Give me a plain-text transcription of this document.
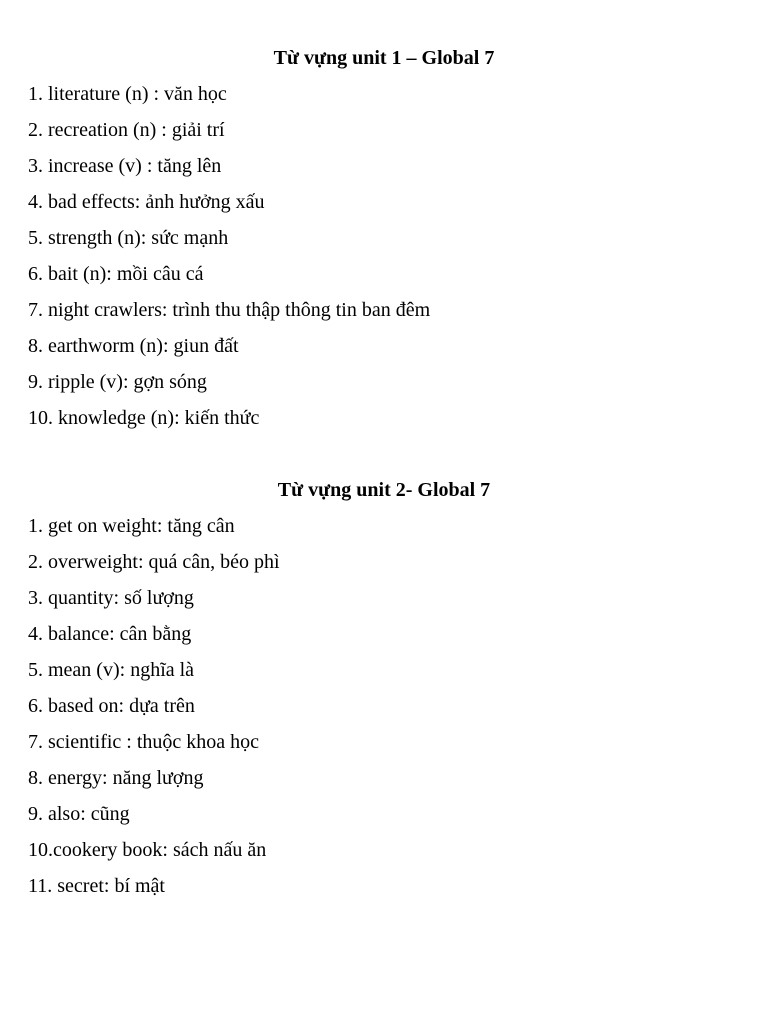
Từ vựng unit 1 – Global 7
1. literature (n) : văn học
2. recreation (n) : giải trí
3. increase (v) : tăng lên
4. bad effects: ảnh hưởng xấu
5. strength (n): sức mạnh
6. bait (n): mồi câu cá
7. night crawlers: trình thu thập thông tin ban đêm
8. earthworm (n): giun đất
9. ripple (v): gợn sóng
10. knowledge (n): kiến thức
Từ vựng unit 2- Global 7
1. get on weight: tăng cân
2. overweight: quá cân, béo phì
3. quantity: số lượng
4. balance: cân bằng
5. mean (v): nghĩa là
6. based on: dựa trên
7. scientific : thuộc khoa học
8. energy: năng lượng
9. also: cũng
10.cookery book: sách nấu ăn
11. secret: bí mật
